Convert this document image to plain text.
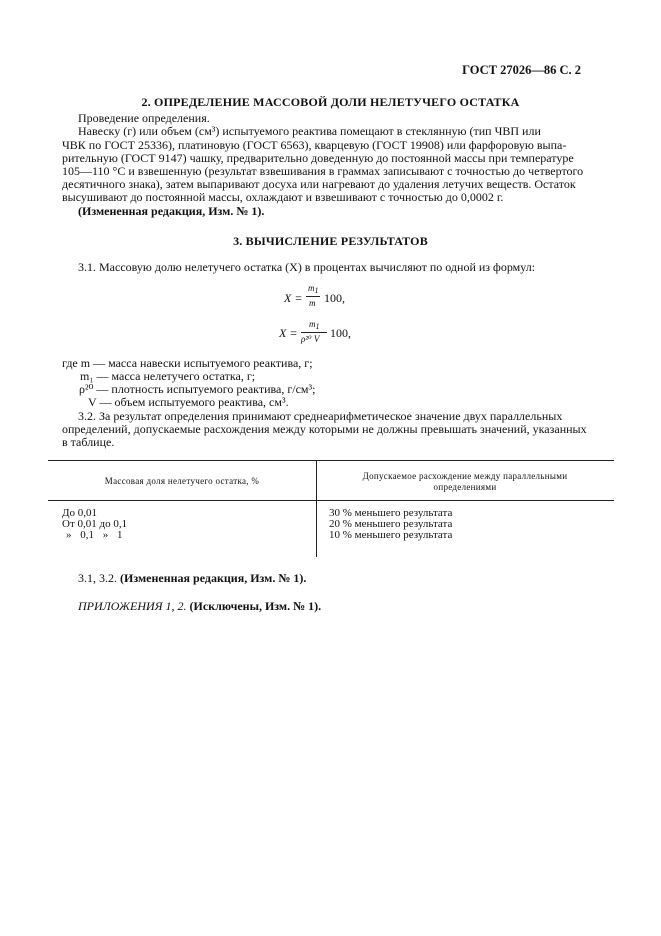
ГОСТ 27026—86 С. 2
2. ОПРЕДЕЛЕНИЕ МАССОВОЙ ДОЛИ НЕЛЕТУЧЕГО ОСТАТКА
Проведение определения.
Навеску (г) или объем (см³) испытуемого реактива помещают в стеклянную (тип ЧВП или
ЧВК по ГОСТ 25336), платиновую (ГОСТ 6563), кварцевую (ГОСТ 19908) или фарфоровую выпа-
рительную (ГОСТ 9147) чашку, предварительно доведенную до постоянной массы при температуре
105—110 °С и взвешенную (результат взвешивания в граммах записывают с точностью до четвертого
десятичного знака), затем выпаривают досуха или нагревают до удаления летучих веществ. Остаток
высушивают до постоянной массы, охлаждают и взвешивают с точностью до 0,0002 г.
(Измененная редакция, Изм. № 1).
3. ВЫЧИСЛЕНИЕ РЕЗУЛЬТАТОВ
3.1. Массовую долю нелетучего остатка (X) в процентах вычисляют по одной из формул:
X =
$m_1$
m 100,
X =
$m_1$
ρ²⁰ V 100,
где m — масса навески испытуемого реактива, г;
m₁ — масса нелетучего остатка, г;
ρ²⁰ — плотность испытуемого реактива, г/см³;
V — объем испытуемого реактива, см³.
3.2. За результат определения принимают среднеарифметическое значение двух параллельных
определений, допускаемые расхождения между которыми не должны превышать значений, указанных
в таблице.
Массовая доля нелетучего остатка, %	Допускаемое расхождение между параллельными
определениями
До 0,01	30 % меньшего результата
От 0,01 до 0,1	20 % меньшего результата
» 0,1 » 1	10 % меньшего результата
3.1, 3.2. (Измененная редакция, Изм. № 1).
ПРИЛОЖЕНИЯ 1, 2. (Исключены, Изм. № 1).
